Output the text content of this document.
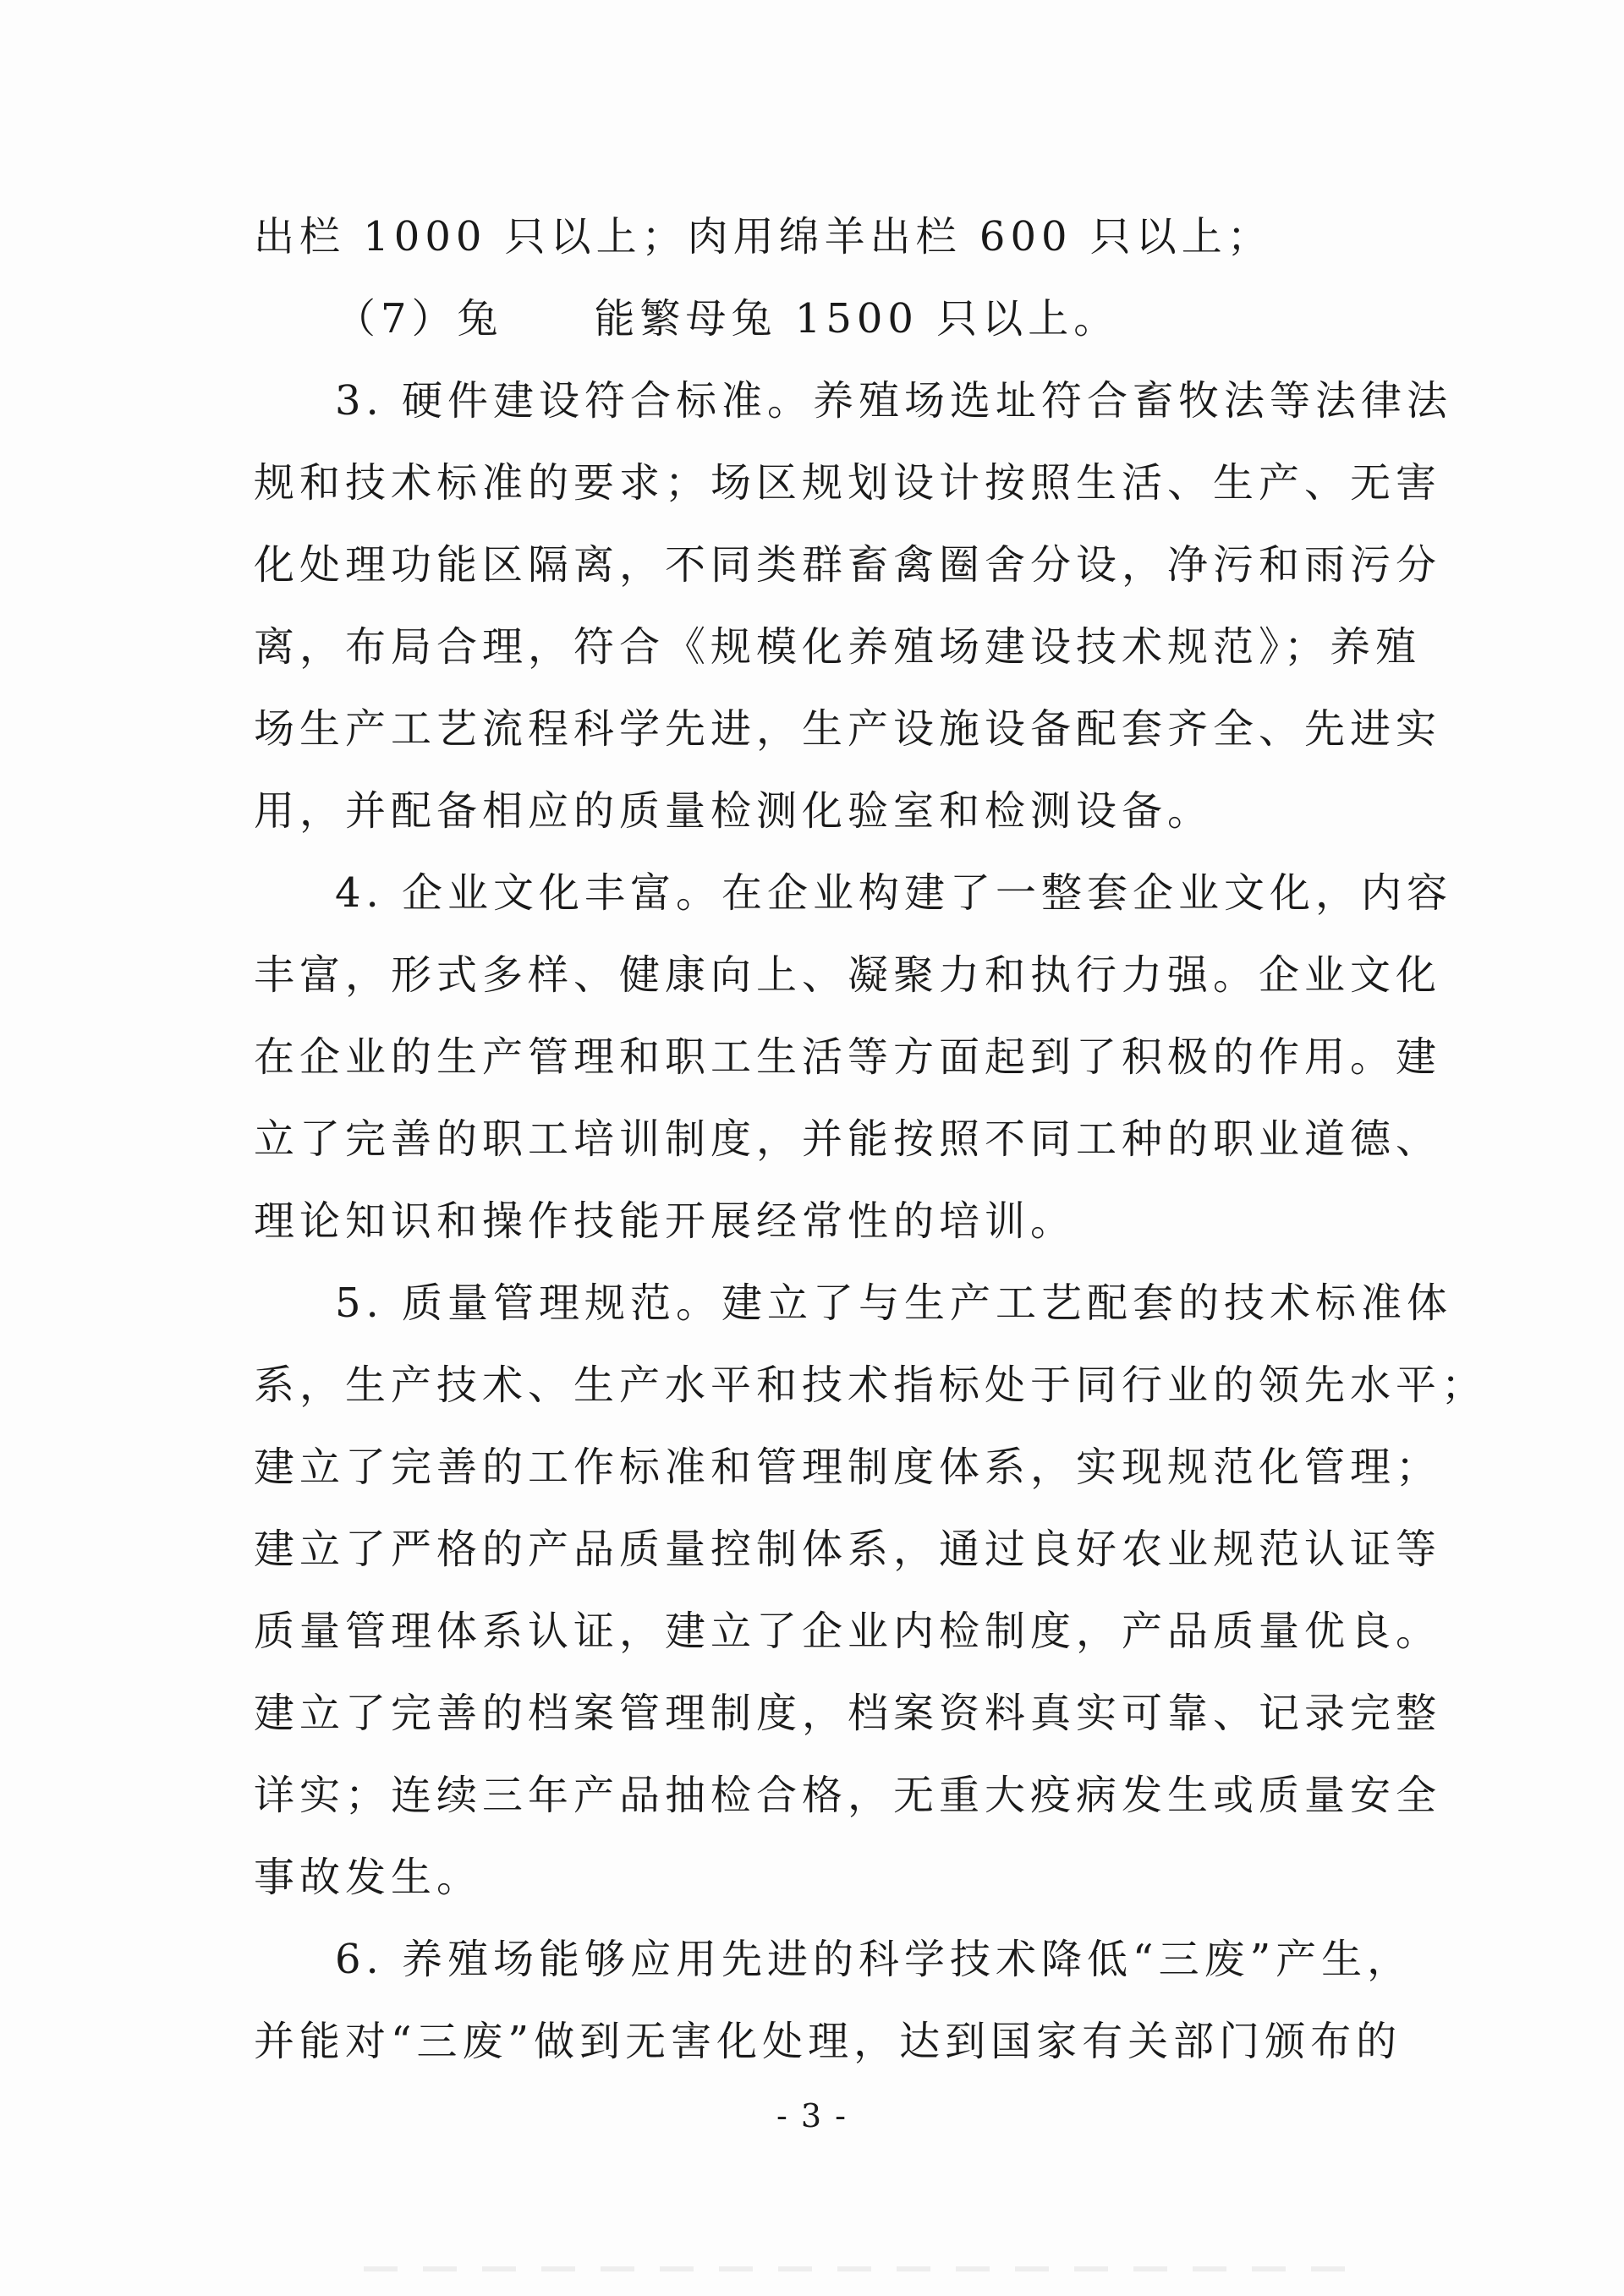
出栏 1000 只以上；肉用绵羊出栏 600 只以上；
（7）兔　　能繁母兔 1500 只以上。
3. 硬件建设符合标准。养殖场选址符合畜牧法等法律法
规和技术标准的要求；场区规划设计按照生活、生产、无害
化处理功能区隔离，不同类群畜禽圈舍分设，净污和雨污分
离，布局合理，符合《规模化养殖场建设技术规范》；养殖
场生产工艺流程科学先进，生产设施设备配套齐全、先进实
用，并配备相应的质量检测化验室和检测设备。
4. 企业文化丰富。在企业构建了一整套企业文化，内容
丰富，形式多样、健康向上、凝聚力和执行力强。企业文化
在企业的生产管理和职工生活等方面起到了积极的作用。建
立了完善的职工培训制度，并能按照不同工种的职业道德、
理论知识和操作技能开展经常性的培训。
5. 质量管理规范。建立了与生产工艺配套的技术标准体
系，生产技术、生产水平和技术指标处于同行业的领先水平；
建立了完善的工作标准和管理制度体系，实现规范化管理；
建立了严格的产品质量控制体系，通过良好农业规范认证等
质量管理体系认证，建立了企业内检制度，产品质量优良。
建立了完善的档案管理制度，档案资料真实可靠、记录完整
详实；连续三年产品抽检合格，无重大疫病发生或质量安全
事故发生。
6. 养殖场能够应用先进的科学技术降低“三废”产生，
并能对“三废”做到无害化处理，达到国家有关部门颁布的
- 3 -
